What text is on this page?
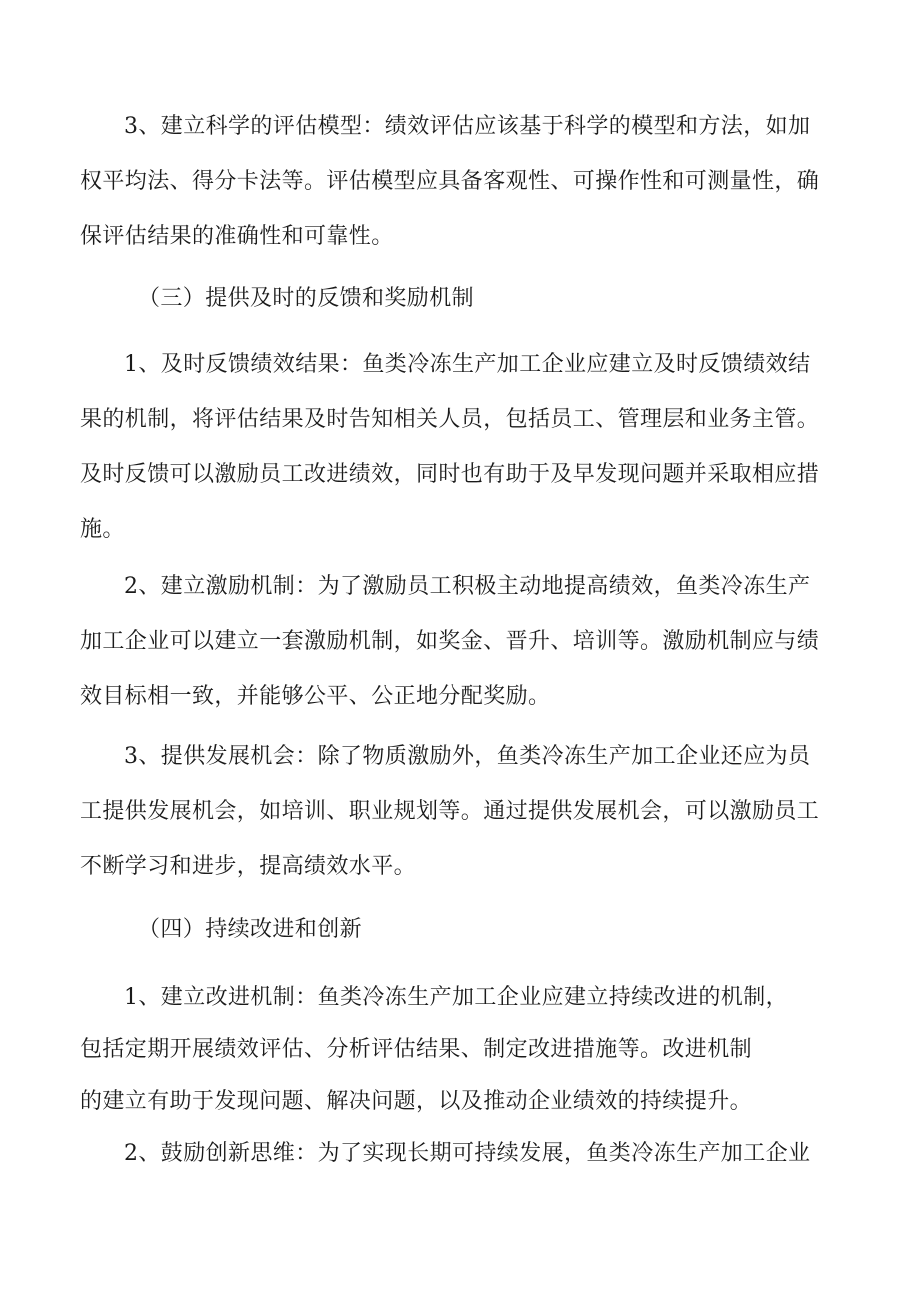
3、建立科学的评估模型：绩效评估应该基于科学的模型和方法，如加
权平均法、得分卡法等。评估模型应具备客观性、可操作性和可测量性，确
保评估结果的准确性和可靠性。
（三）提供及时的反馈和奖励机制
1、及时反馈绩效结果：鱼类冷冻生产加工企业应建立及时反馈绩效结
果的机制，将评估结果及时告知相关人员，包括员工、管理层和业务主管。
及时反馈可以激励员工改进绩效，同时也有助于及早发现问题并采取相应措
施。
2、建立激励机制：为了激励员工积极主动地提高绩效，鱼类冷冻生产
加工企业可以建立一套激励机制，如奖金、晋升、培训等。激励机制应与绩
效目标相一致，并能够公平、公正地分配奖励。
3、提供发展机会：除了物质激励外，鱼类冷冻生产加工企业还应为员
工提供发展机会，如培训、职业规划等。通过提供发展机会，可以激励员工
不断学习和进步，提高绩效水平。
（四）持续改进和创新
1、建立改进机制：鱼类冷冻生产加工企业应建立持续改进的机制，
包括定期开展绩效评估、分析评估结果、制定改进措施等。改进机制
的建立有助于发现问题、解决问题，以及推动企业绩效的持续提升。
2、鼓励创新思维：为了实现长期可持续发展，鱼类冷冻生产加工企业
